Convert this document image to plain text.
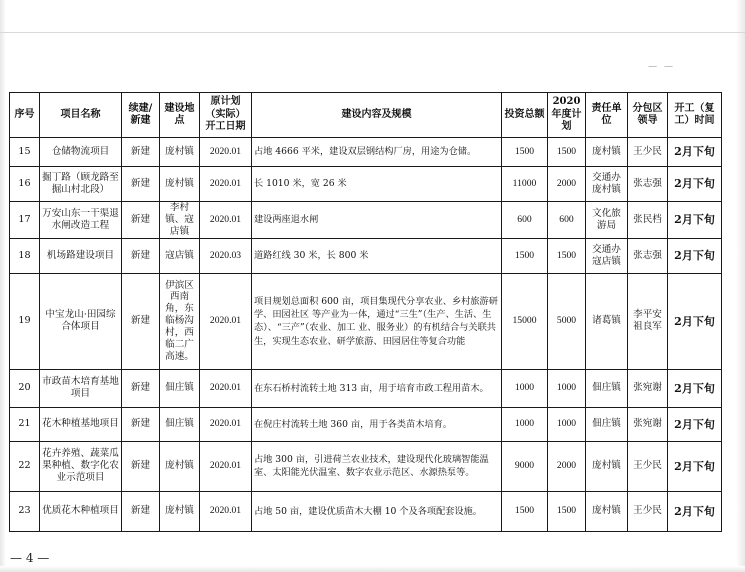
— —
序号	项目名称	续建/新建	建设地点	原计划（实际）开工日期	建设内容及规模	投资总额	2020 年度计划	责任单位	分包区领导	开工（复工）时间
15	仓储物流项目	新建	庞村镇	2020.01	占地 4666 平米，建设双层钢结构厂房，用途为仓储。	1500	1500	庞村镇	王少民	2月下旬
16	掘丁路（顾龙路至掘山村北段）	新建	庞村镇	2020.01	长 1010 米，宽 26 米	11000	2000	交通办庞村镇	张志强	2月下旬
17	万安山东一干渠退水闸改造工程	新建	李村镇、寇店镇	2020.01	建设两座退水闸	600	600	文化旅游局	张民档	2月下旬
18	机场路建设项目	新建	寇店镇	2020.03	道路红线 30 米，长 800 米	1500	1500	交通办寇店镇	张志强	2月下旬
19	中宝龙山·田园综合体项目	新建	伊滨区西南角，东临杨沟村，西临二广高速。	2020.01	项目规划总面积 600 亩，项目集现代分享农业、乡村旅游研学、田园社区 等产业为一体，通过“三生”（生产、生活、生态）、“三产”（农业、加工 业、服务业）的有机结合与关联共生，实现生态农业、研学旅游、田园居住等复合功能	15000	5000	诸葛镇	李平安 祖良军	2月下旬
20	市政苗木培育基地项目	新建	佃庄镇	2020.01	在东石桥村流转土地 313 亩，用于培育市政工程用苗木。	1000	1000	佃庄镇	张宛谢	2月下旬
21	花木种植基地项目	新建	佃庄镇	2020.01	在倪庄村流转土地 360 亩，用于各类苗木培育。	1000	1000	佃庄镇	张宛谢	2月下旬
22	花卉养殖、蔬菜瓜果种植、数字化农业示范项目	新建	庞村镇	2020.01	占地 300 亩，引进荷兰农业技术，建设现代化玻璃智能温室、太阳能光伏温室、数字农业示范区、水源热泵等。	9000	2000	庞村镇	王少民	2月下旬
23	优质花木种植项目	新建	庞村镇	2020.01	占地 50 亩，建设优质苗木大棚 10 个及各项配套设施。	1500	1500	庞村镇	王少民	2月下旬
— 4 —
